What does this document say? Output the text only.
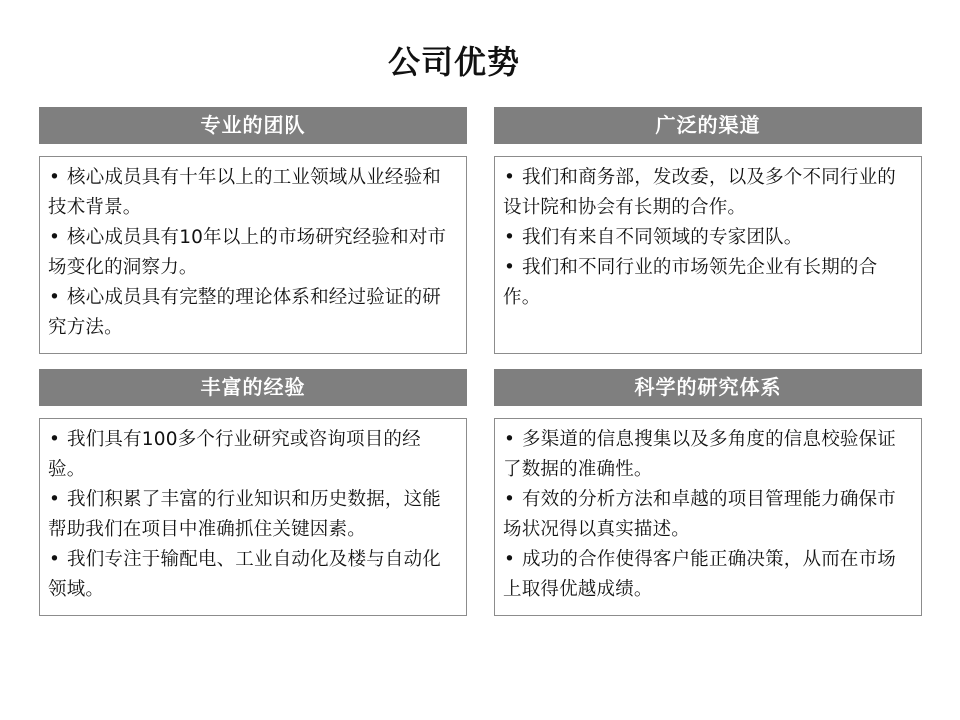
公司优势
专业的团队
• 核心成员具有十年以上的工业领域从业经验和技术背景。
• 核心成员具有10年以上的市场研究经验和对市场变化的洞察力。
• 核心成员具有完整的理论体系和经过验证的研究方法。
广泛的渠道
• 我们和商务部，发改委，以及多个不同行业的设计院和协会有长期的合作。
• 我们有来自不同领域的专家团队。
• 我们和不同行业的市场领先企业有长期的合作。
丰富的经验
• 我们具有100多个行业研究或咨询项目的经验。
• 我们积累了丰富的行业知识和历史数据，这能帮助我们在项目中准确抓住关键因素。
• 我们专注于输配电、工业自动化及楼与自动化领域。
科学的研究体系
• 多渠道的信息搜集以及多角度的信息校验保证了数据的准确性。
• 有效的分析方法和卓越的项目管理能力确保市场状况得以真实描述。
• 成功的合作使得客户能正确决策，从而在市场上取得优越成绩。
